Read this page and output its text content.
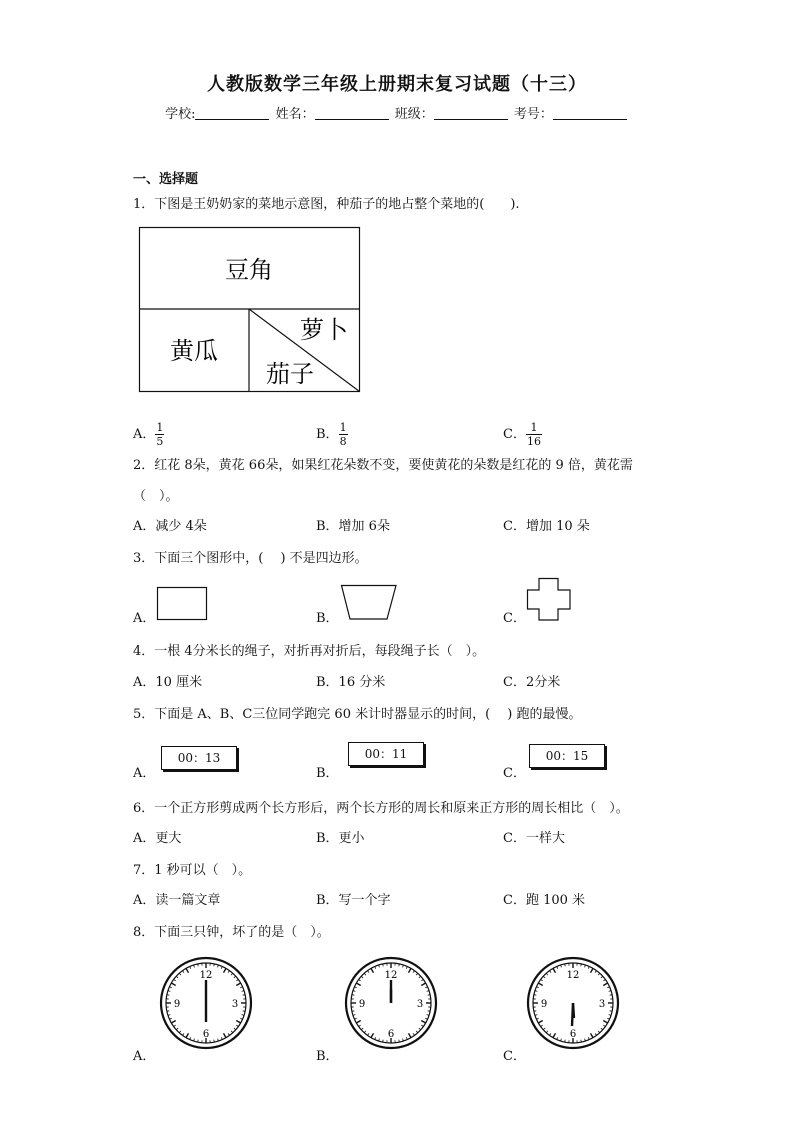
人教版数学三年级上册期末复习试题（十三）
学校:	姓名：	班级：	考号：
一、选择题
1．下图是王奶奶家的菜地示意图，种茄子的地占整个菜地的(　　).
豆角
黄瓜
萝卜
茄子
A． $\frac{1}{5}$	B． $\frac{1}{8}$	C． $\frac{1}{16}$
2．红花 8朵，黄花 66朵，如果红花朵数不变，要使黄花的朵数是红花的 9 倍，黄花需
（　）。
A．减少 4朵	B．增加 6朵	C．增加 10 朵
3．下面三个图形中，(　 ) 不是四边形。
A．	B．	C．
4．一根 4分米长的绳子，对折再对折后，每段绳子长（　）。
A．10 厘米	B．16 分米	C．2分米
5．下面是 A、B、C三位同学跑完 60 米计时器显示的时间，(　 ) 跑的最慢。
A．
00：13
B．
00：11
C．
00：15
6．一个正方形剪成两个长方形后，两个长方形的周长和原来正方形的周长相比（　）。
A．更大	B．更小	C．一样大
7．1 秒可以（　）。
A．读一篇文章	B．写一个字	C．跑 100 米
8．下面三只钟，坏了的是（　）。
A．	B．	C．
12
3
6
9
12
3
6
9
12
3
6
9
